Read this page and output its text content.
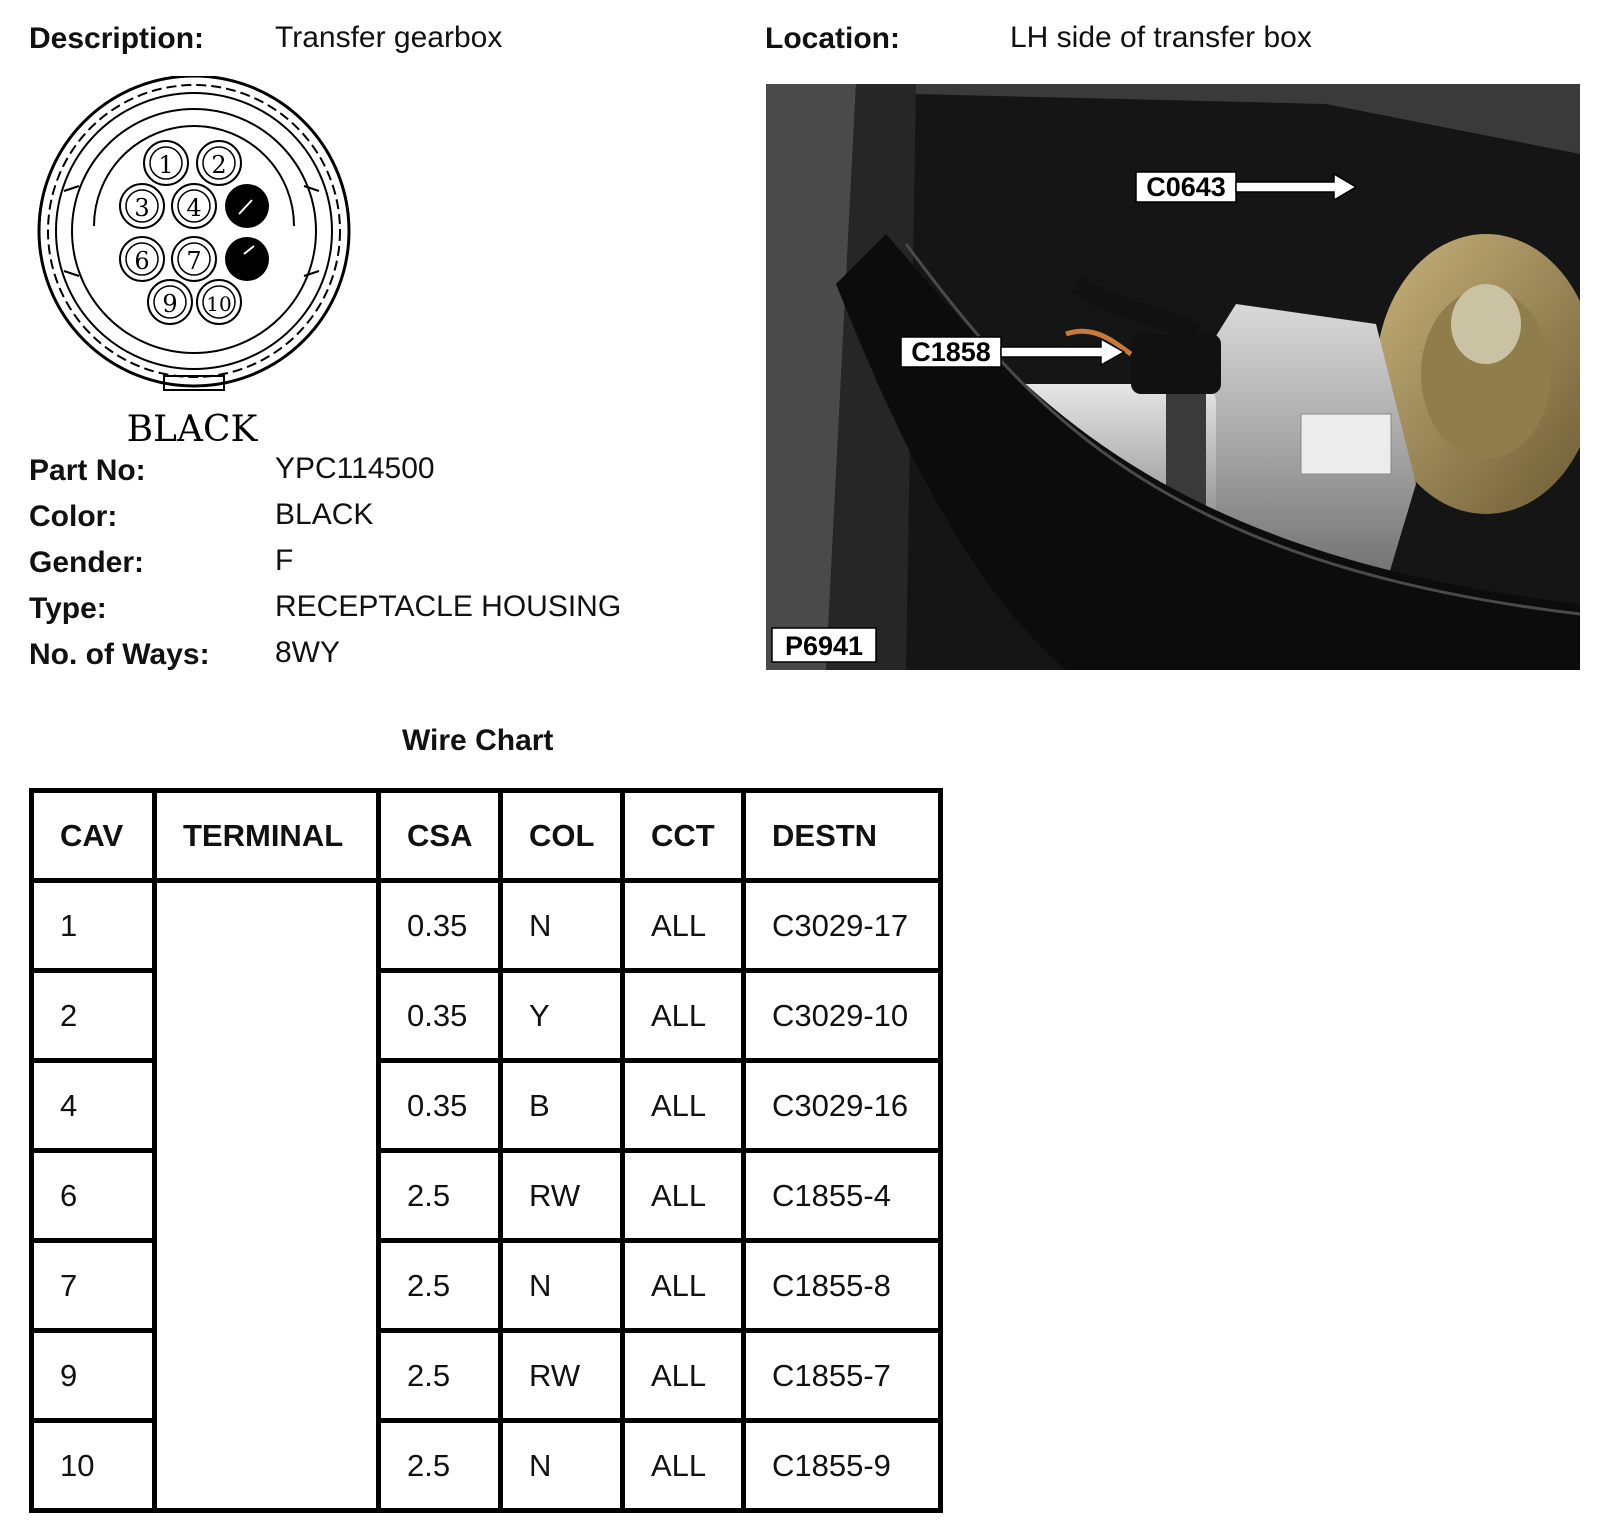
Description: Transfer gearbox	Location:	LH side of transfer box
1 2
3 4
6 7
9 10
BLACK
Part No:	YPC114500
Color:	BLACK
Gender:	F
Type:	RECEPTACLE HOUSING
No. of Ways: 8WY
C0643
C1858
P6941
Wire Chart
CAV	TERMINAL	CSA	COL	CCT	DESTN
1		0.35	N	ALL	C3029-17
2		0.35	Y	ALL	C3029-10
4		0.35	B	ALL	C3029-16
6		2.5	RW	ALL	C1855-4
7		2.5	N	ALL	C1855-8
9		2.5	RW	ALL	C1855-7
10		2.5	N	ALL	C1855-9
